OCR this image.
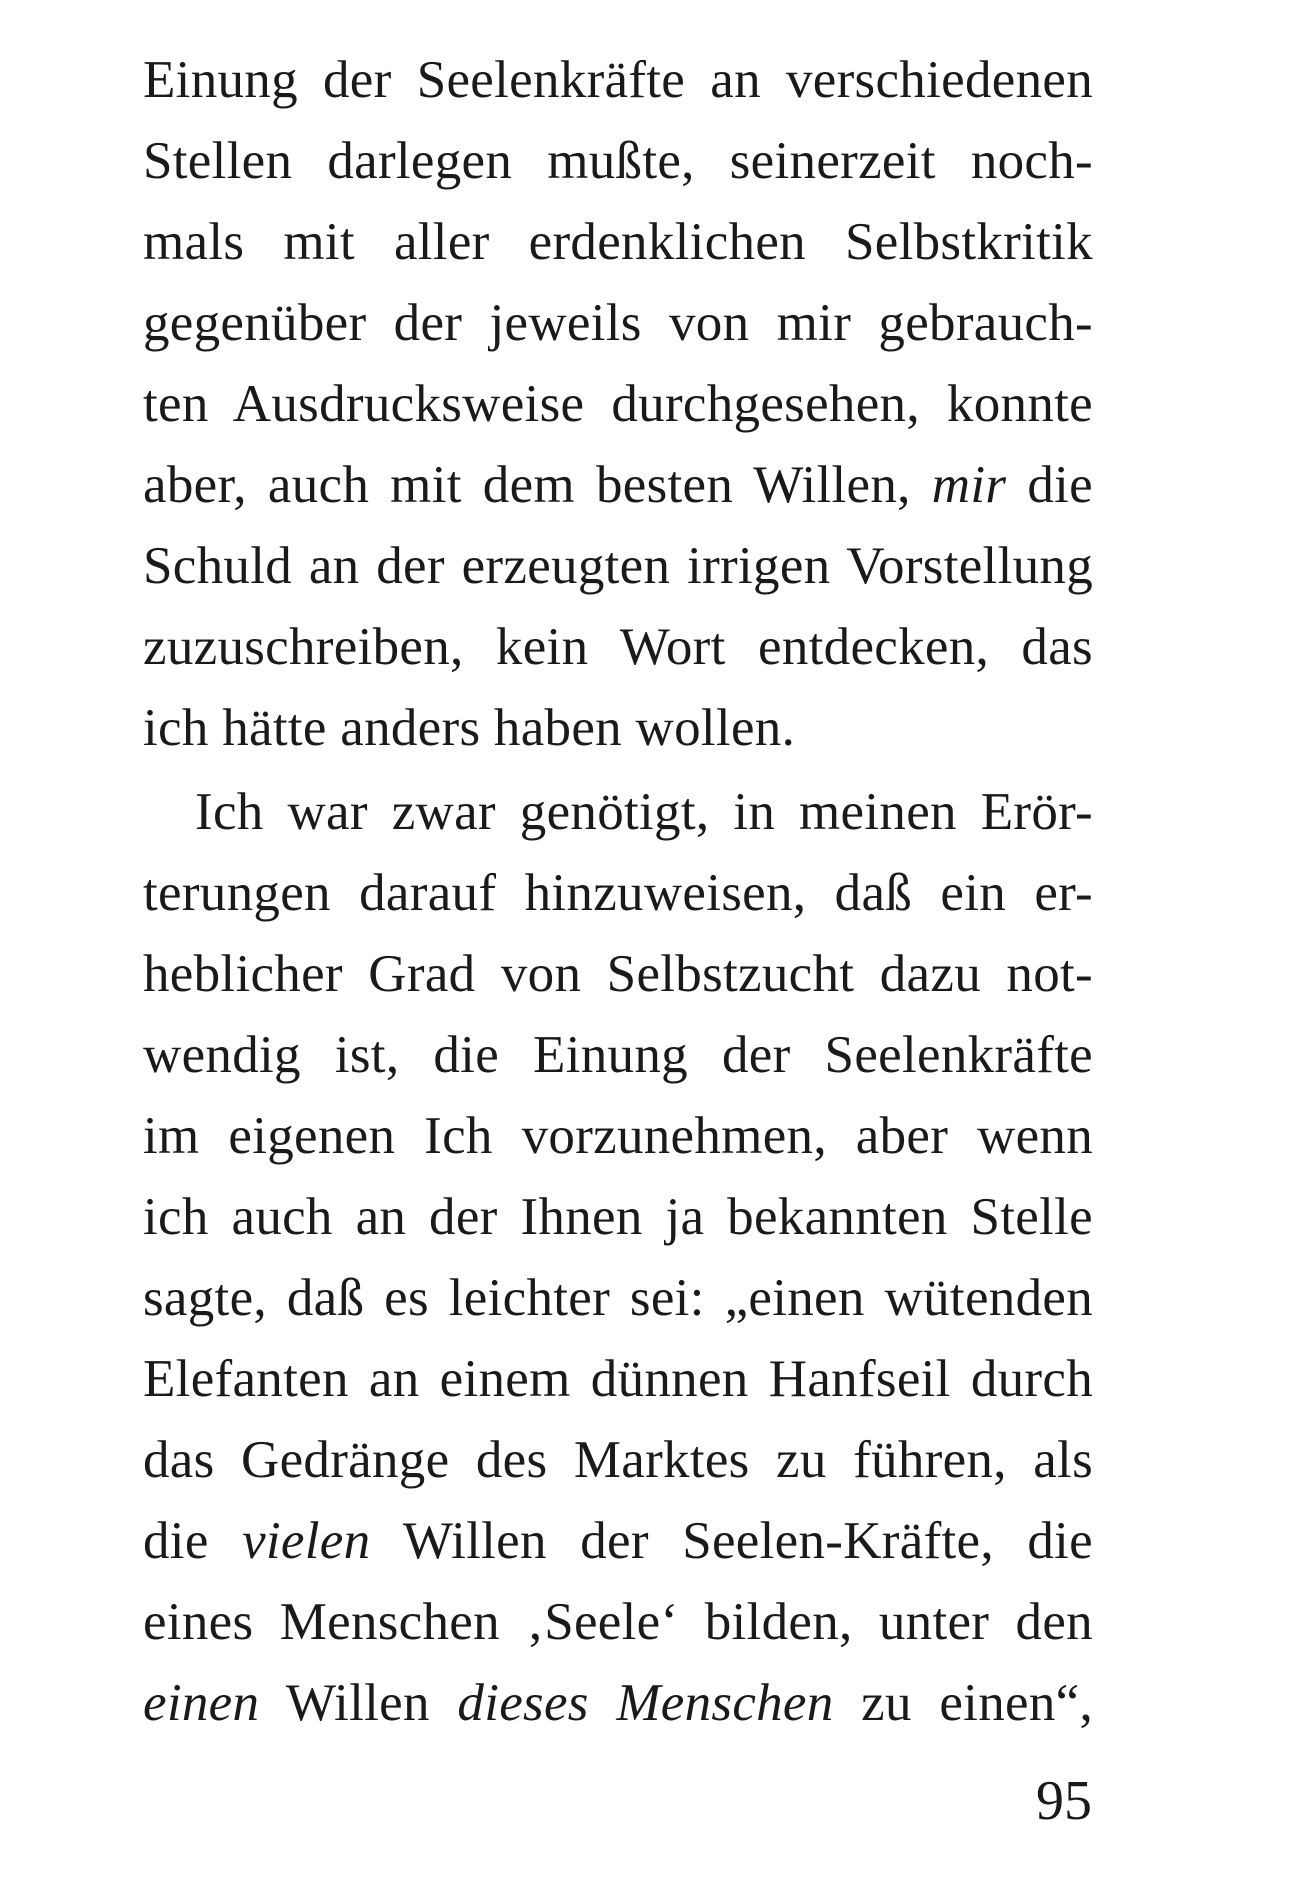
Einung der Seelenkräfte an verschiedenen
Stellen darlegen mußte, seinerzeit noch-
mals mit aller erdenklichen Selbstkritik
gegenüber der jeweils von mir gebrauch-
ten Ausdrucksweise durchgesehen, konnte
aber, auch mit dem besten Willen, mir die
Schuld an der erzeugten irrigen Vorstellung
zuzuschreiben, kein Wort entdecken, das
ich hätte anders haben wollen.
Ich war zwar genötigt, in meinen Erör-
terungen darauf hinzuweisen, daß ein er-
heblicher Grad von Selbstzucht dazu not-
wendig ist, die Einung der Seelenkräfte
im eigenen Ich vorzunehmen, aber wenn
ich auch an der Ihnen ja bekannten Stelle
sagte, daß es leichter sei: „einen wütenden
Elefanten an einem dünnen Hanfseil durch
das Gedränge des Marktes zu führen, als
die vielen Willen der Seelen-Kräfte, die
eines Menschen ‚Seele‘ bilden, unter den
einen Willen dieses Menschen zu einen“,
95
